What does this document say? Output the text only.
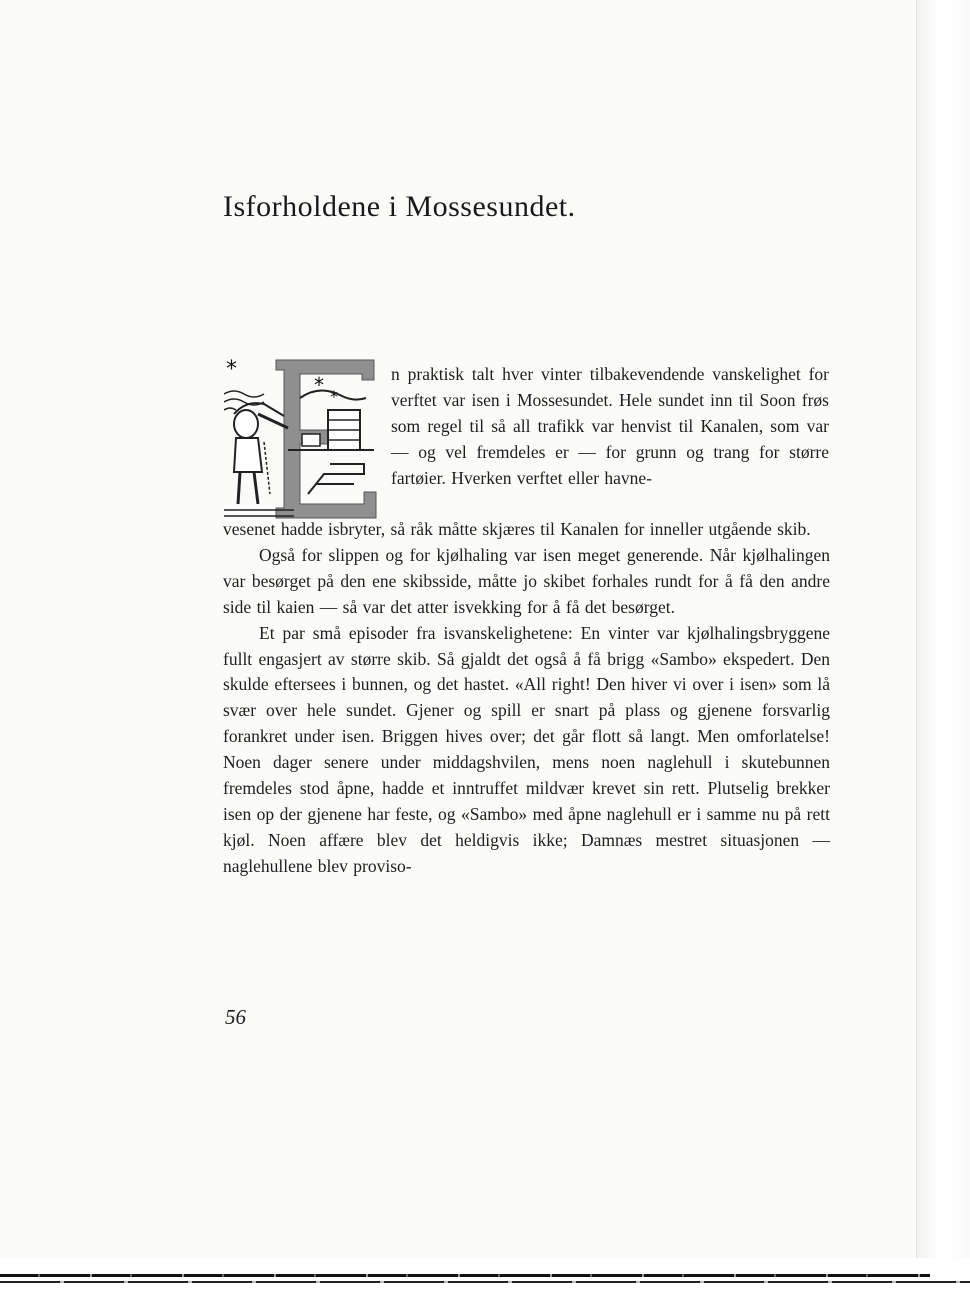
Isforholdene i Mossesundet.
*
* *
n praktisk talt hver vinter tilbakevendende vanskelighet for verftet var isen i Mossesundet. Hele sundet inn til Soon frøs som regel til så all trafikk var henvist til Kanalen, som var — og vel fremdeles er — for grunn og trang for større fartøier. Hverken verftet eller havne-

vesenet hadde isbryter, så råk måtte skjæres til Kanalen for inneller utgående skib.

Også for slippen og for kjølhaling var isen meget generende. Når kjølhalingen var besørget på den ene skibsside, måtte jo skibet forhales rundt for å få den andre side til kaien — så var det atter isvekking for å få det besørget.

Et par små episoder fra isvanskelighetene: En vinter var kjølhalingsbryggene fullt engasjert av større skib. Så gjaldt det også å få brigg «Sambo» ekspedert. Den skulde eftersees i bunnen, og det hastet. «All right! Den hiver vi over i isen» som lå svær over hele sundet. Gjener og spill er snart på plass og gjenene forsvarlig forankret under isen. Briggen hives over; det går flott så langt. Men omforlatelse! Noen dager senere under middagshvilen, mens noen naglehull i skutebunnen fremdeles stod åpne, hadde et inntruffet mildvær krevet sin rett. Plutselig brekker isen op der gjenene har feste, og «Sambo» med åpne naglehull er i samme nu på rett kjøl. Noen affære blev det heldigvis ikke; Damnæs mestret situasjonen — naglehullene blev proviso-

56
